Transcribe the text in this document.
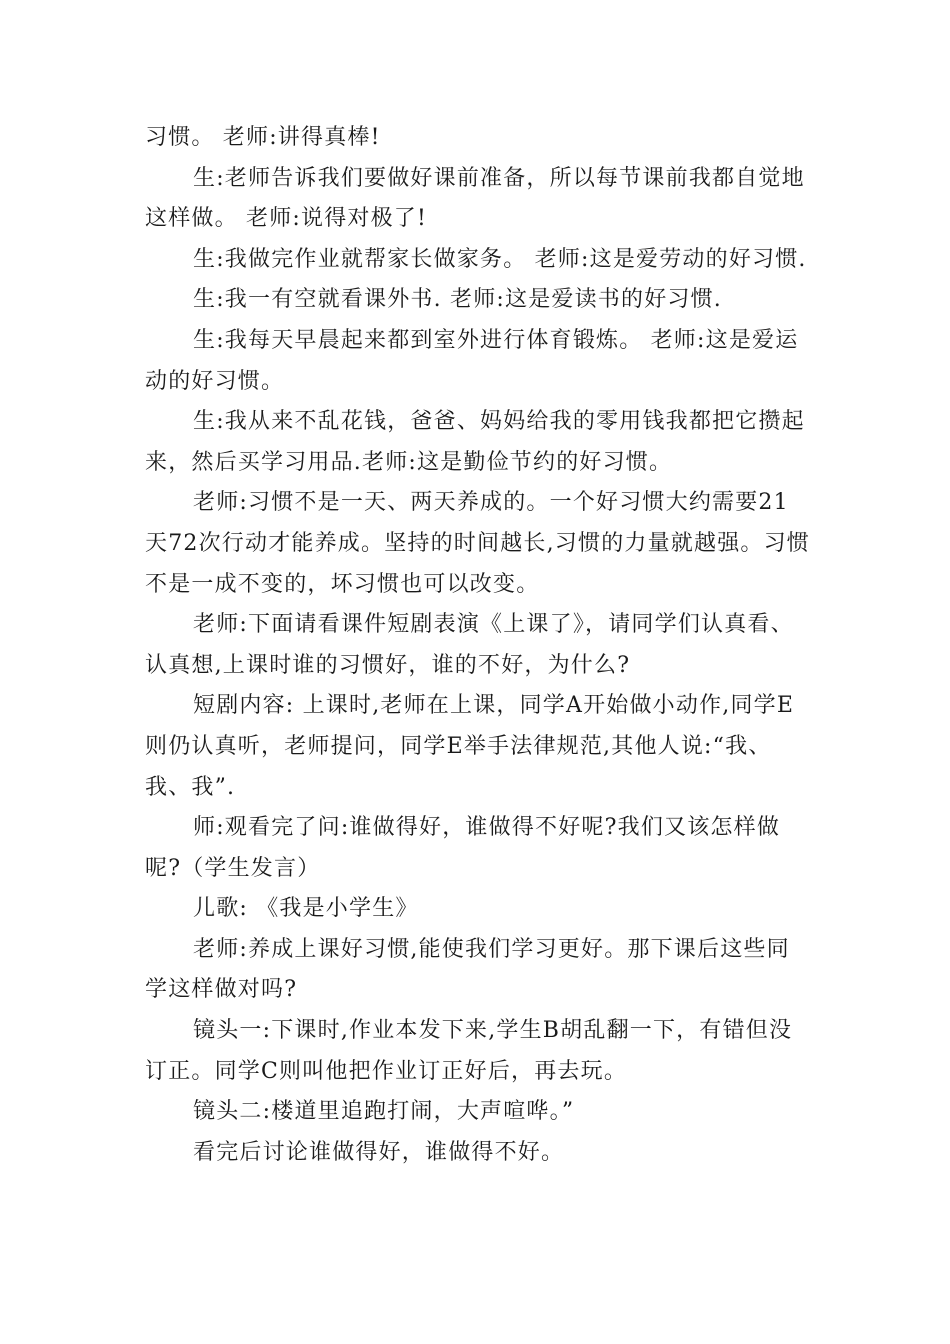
习惯。 老师:讲得真棒!

生:老师告诉我们要做好课前准备，所以每节课前我都自觉地这样做。 老师:说得对极了!

生:我做完作业就帮家长做家务。 老师:这是爱劳动的好习惯.

生:我一有空就看课外书. 老师:这是爱读书的好习惯.

生:我每天早晨起来都到室外进行体育锻炼。 老师:这是爱运动的好习惯。

生:我从来不乱花钱，爸爸、妈妈给我的零用钱我都把它攒起来，然后买学习用品.老师:这是勤俭节约的好习惯。

老师:习惯不是一天、两天养成的。一个好习惯大约需要21天72次行动才能养成。坚持的时间越长,习惯的力量就越强。习惯不是一成不变的，坏习惯也可以改变。

老师:下面请看课件短剧表演《上课了》，请同学们认真看、认真想,上课时谁的习惯好，谁的不好，为什么?

短剧内容: 上课时,老师在上课，同学A开始做小动作,同学E则仍认真听，老师提问，同学E举手法律规范,其他人说:“我、我、我”.

师:观看完了问:谁做得好，谁做得不好呢?我们又该怎样做呢?（学生发言）

儿歌: 《我是小学生》

老师:养成上课好习惯,能使我们学习更好。那下课后这些同学这样做对吗?

镜头一:下课时,作业本发下来,学生B胡乱翻一下，有错但没订正。同学C则叫他把作业订正好后，再去玩。

镜头二:楼道里追跑打闹，大声喧哗。”

看完后讨论谁做得好，谁做得不好。
